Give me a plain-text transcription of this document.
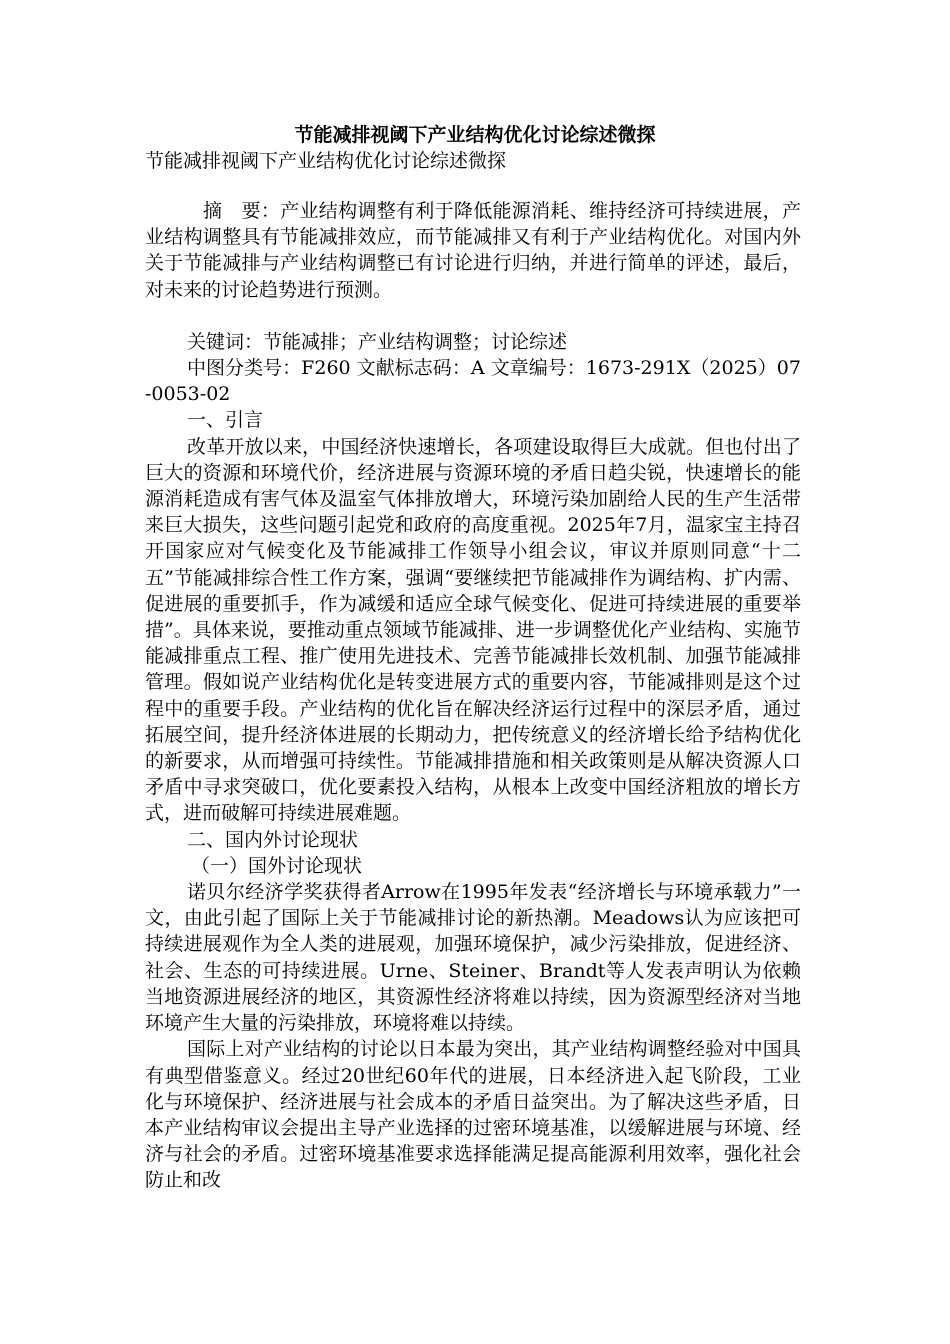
节能减排视阈下产业结构优化讨论综述微探
节能减排视阈下产业结构优化讨论综述微探

摘　要：产业结构调整有利于降低能源消耗、维持经济可持续进展，产业结构调整具有节能减排效应，而节能减排又有利于产业结构优化。对国内外关于节能减排与产业结构调整已有讨论进行归纳，并进行简单的评述，最后，对未来的讨论趋势进行预测。

关键词：节能减排；产业结构调整；讨论综述

中图分类号：F260 文献标志码：A 文章编号：1673-291X（2025）07-0053-02

一、引言

改革开放以来，中国经济快速增长，各项建设取得巨大成就。但也付出了巨大的资源和环境代价，经济进展与资源环境的矛盾日趋尖锐，快速增长的能源消耗造成有害气体及温室气体排放增大，环境污染加剧给人民的生产生活带来巨大损失，这些问题引起党和政府的高度重视。2025年7月，温家宝主持召开国家应对气候变化及节能减排工作领导小组会议，审议并原则同意“十二五”节能减排综合性工作方案，强调“要继续把节能减排作为调结构、扩内需、促进展的重要抓手，作为减缓和适应全球气候变化、促进可持续进展的重要举措”。具体来说，要推动重点领域节能减排、进一步调整优化产业结构、实施节能减排重点工程、推广使用先进技术、完善节能减排长效机制、加强节能减排管理。假如说产业结构优化是转变进展方式的重要内容，节能减排则是这个过程中的重要手段。产业结构的优化旨在解决经济运行过程中的深层矛盾，通过拓展空间，提升经济体进展的长期动力，把传统意义的经济增长给予结构优化的新要求，从而增强可持续性。节能减排措施和相关政策则是从解决资源人口矛盾中寻求突破口，优化要素投入结构，从根本上改变中国经济粗放的增长方式，进而破解可持续进展难题。

二、国内外讨论现状

（一）国外讨论现状

诺贝尔经济学奖获得者Arrow在1995年发表“经济增长与环境承载力”一文，由此引起了国际上关于节能减排讨论的新热潮。Meadows认为应该把可持续进展观作为全人类的进展观，加强环境保护，减少污染排放，促进经济、社会、生态的可持续进展。Urne、Steiner、Brandt等人发表声明认为依赖当地资源进展经济的地区，其资源性经济将难以持续，因为资源型经济对当地环境产生大量的污染排放，环境将难以持续。

国际上对产业结构的讨论以日本最为突出，其产业结构调整经验对中国具有典型借鉴意义。经过20世纪60年代的进展，日本经济进入起飞阶段，工业化与环境保护、经济进展与社会成本的矛盾日益突出。为了解决这些矛盾，日本产业结构审议会提出主导产业选择的过密环境基准，以缓解进展与环境、经济与社会的矛盾。过密环境基准要求选择能满足提高能源利用效率，强化社会防止和改
